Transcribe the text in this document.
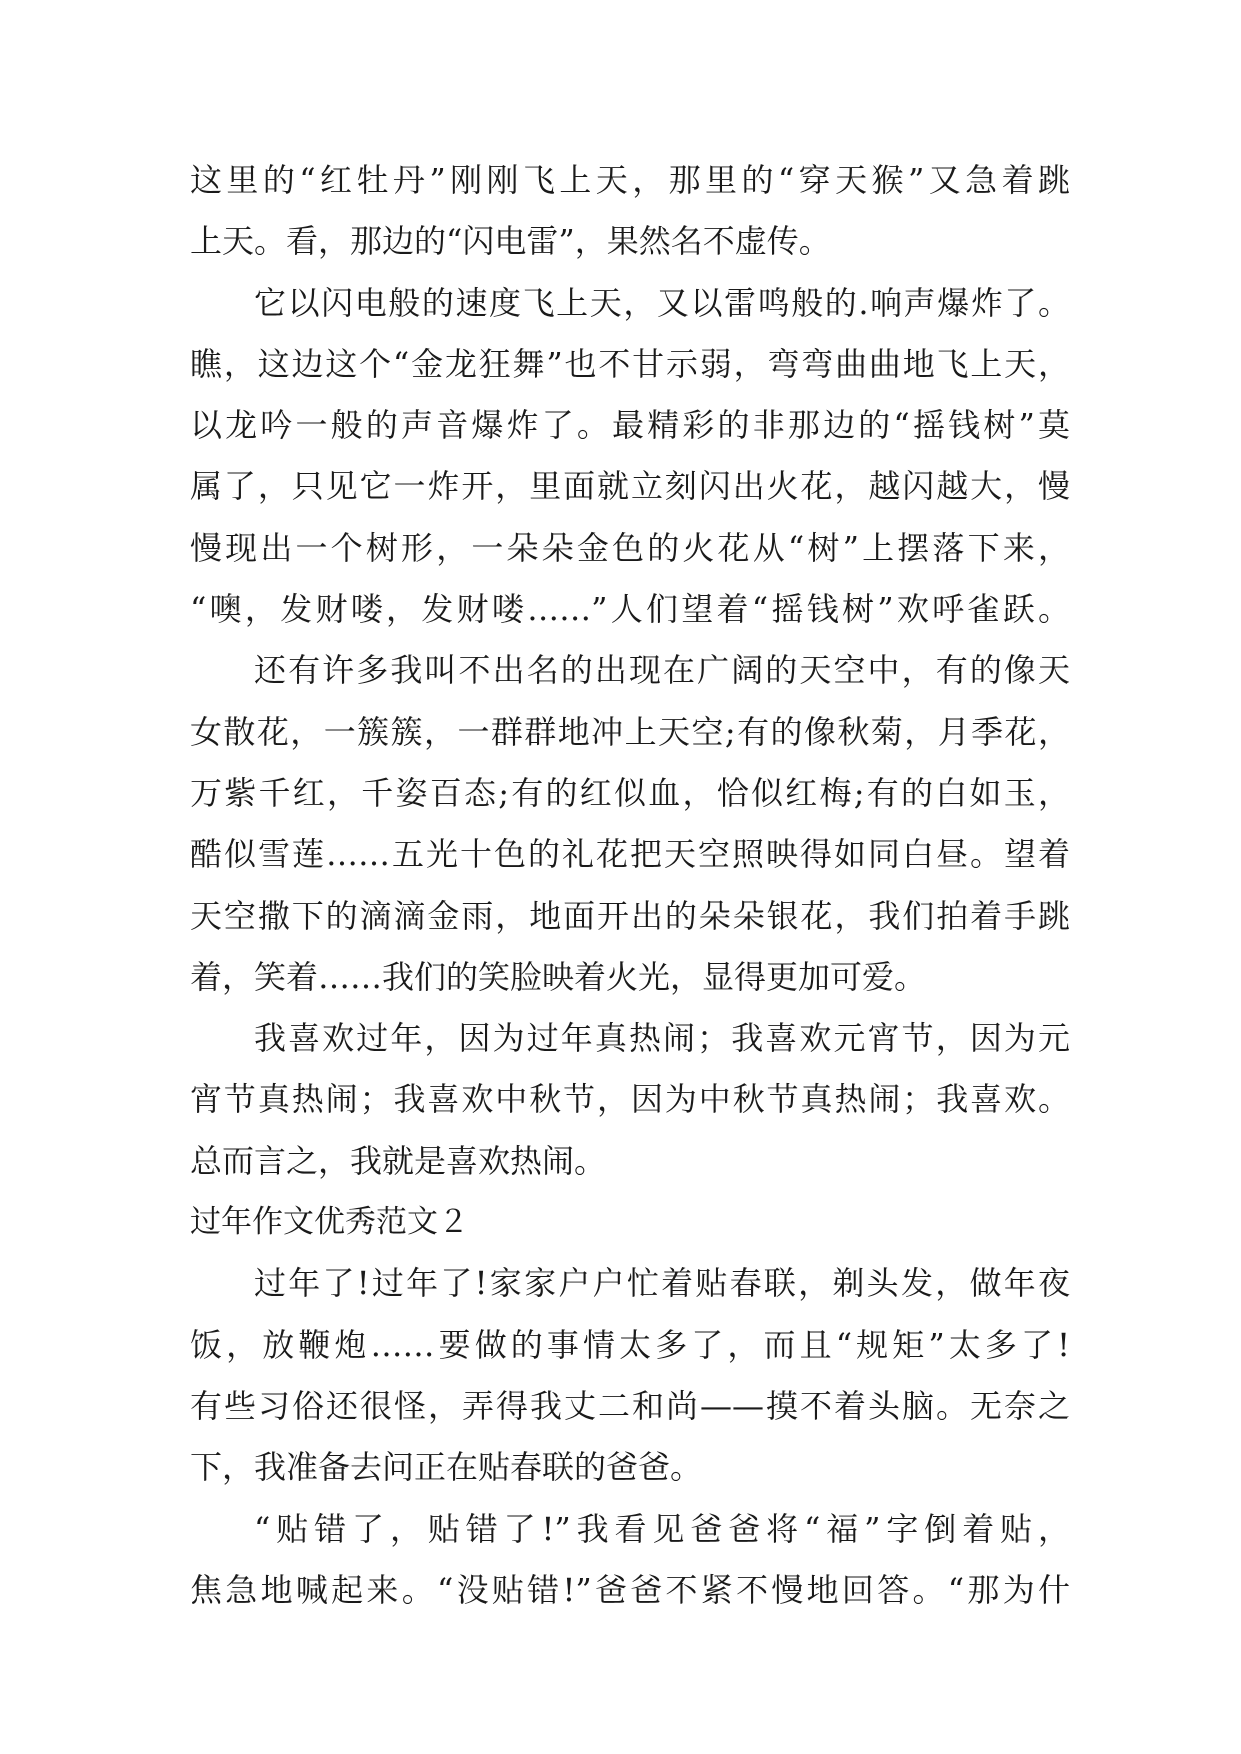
这里的“红牡丹”刚刚飞上天，那里的“穿天猴”又急着跳
上天。看，那边的“闪电雷”，果然名不虚传。
它以闪电般的速度飞上天，又以雷鸣般的.响声爆炸了。
瞧，这边这个“金龙狂舞”也不甘示弱，弯弯曲曲地飞上天，
以龙吟一般的声音爆炸了。最精彩的非那边的“摇钱树”莫
属了，只见它一炸开，里面就立刻闪出火花，越闪越大，慢
慢现出一个树形，一朵朵金色的火花从“树”上摆落下来，
“噢，发财喽，发财喽……”人们望着“摇钱树”欢呼雀跃。
还有许多我叫不出名的出现在广阔的天空中，有的像天
女散花，一簇簇，一群群地冲上天空;有的像秋菊，月季花，
万紫千红，千姿百态;有的红似血，恰似红梅;有的白如玉，
酷似雪莲……五光十色的礼花把天空照映得如同白昼。望着
天空撒下的滴滴金雨，地面开出的朵朵银花，我们拍着手跳
着，笑着……我们的笑脸映着火光，显得更加可爱。
我喜欢过年，因为过年真热闹；我喜欢元宵节，因为元
宵节真热闹；我喜欢中秋节，因为中秋节真热闹；我喜欢。
总而言之，我就是喜欢热闹。
过年作文优秀范文２
过年了!过年了!家家户户忙着贴春联，剃头发，做年夜
饭，放鞭炮……要做的事情太多了，而且“规矩”太多了!
有些习俗还很怪，弄得我丈二和尚——摸不着头脑。无奈之
下，我准备去问正在贴春联的爸爸。
“贴错了，贴错了!”我看见爸爸将“福”字倒着贴，
焦急地喊起来。“没贴错!”爸爸不紧不慢地回答。“那为什
